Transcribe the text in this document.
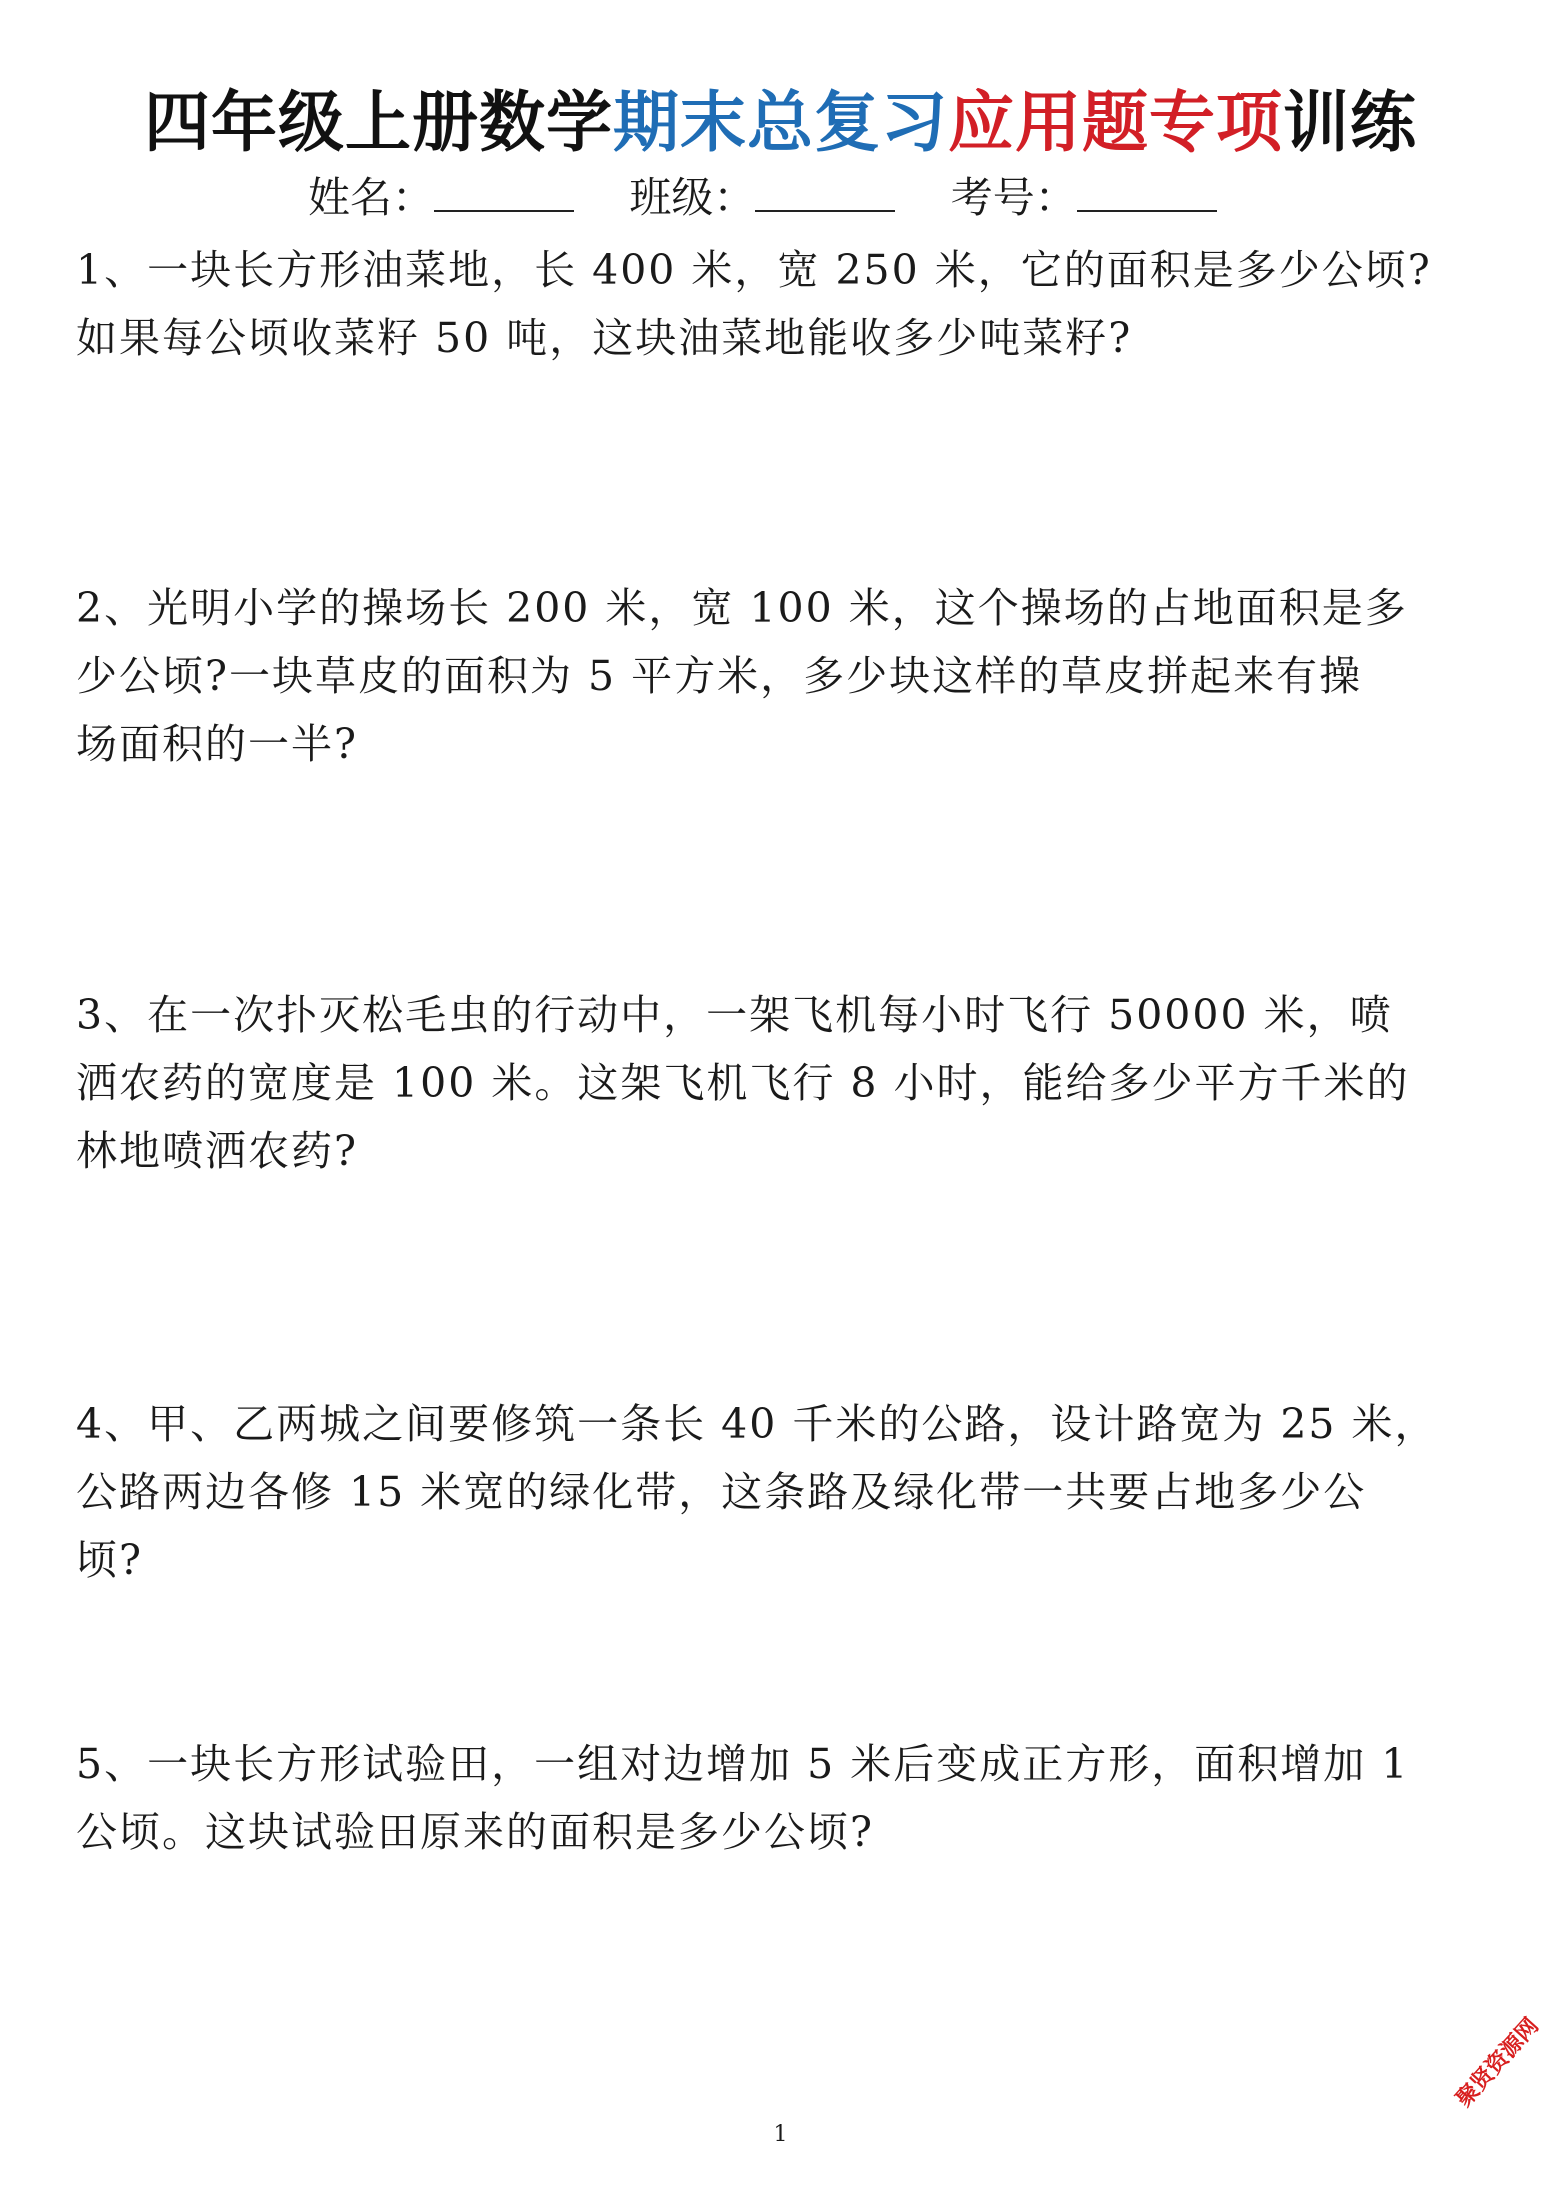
四年级上册数学期末总复习应用题专项训练
姓名：	班级：	考号：
1、一块长方形油菜地，长 400 米，宽 250 米，它的面积是多少公顷?
如果每公顷收菜籽 50 吨，这块油菜地能收多少吨菜籽?
2、光明小学的操场长 200 米，宽 100 米，这个操场的占地面积是多
少公顷?一块草皮的面积为 5 平方米，多少块这样的草皮拼起来有操
场面积的一半?
3、在一次扑灭松毛虫的行动中，一架飞机每小时飞行 50000 米，喷
洒农药的宽度是 100 米。这架飞机飞行 8 小时，能给多少平方千米的
林地喷洒农药?
4、甲、乙两城之间要修筑一条长 40 千米的公路，设计路宽为 25 米，
公路两边各修 15 米宽的绿化带，这条路及绿化带一共要占地多少公
顷?
5、一块长方形试验田，一组对边增加 5 米后变成正方形，面积增加 1
公顷。这块试验田原来的面积是多少公顷?
1
聚贤资源网
